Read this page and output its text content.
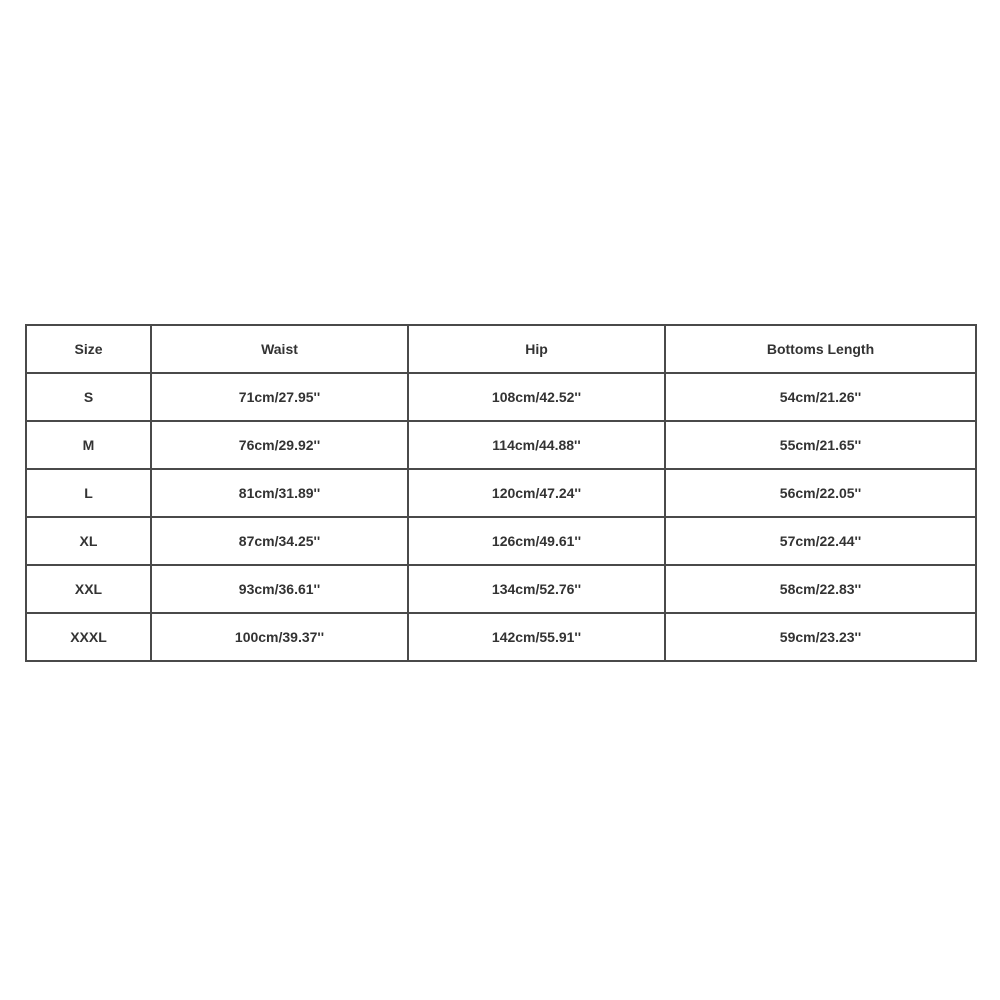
Size	Waist	Hip	Bottoms Length
S	71cm/27.95''	108cm/42.52''	54cm/21.26''
M	76cm/29.92''	114cm/44.88''	55cm/21.65''
L	81cm/31.89''	120cm/47.24''	56cm/22.05''
XL	87cm/34.25''	126cm/49.61''	57cm/22.44''
XXL	93cm/36.61''	134cm/52.76''	58cm/22.83''
XXXL	100cm/39.37''	142cm/55.91''	59cm/23.23''
